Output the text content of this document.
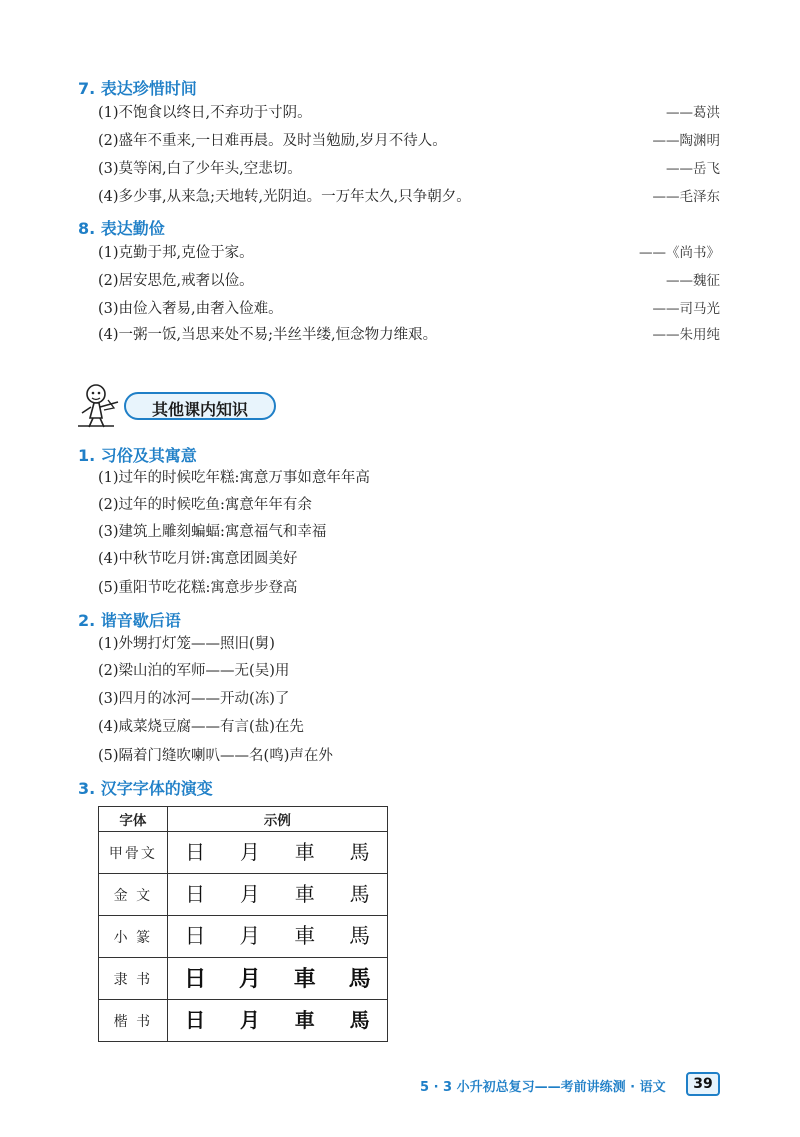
7. 表达珍惜时间
(1)不饱食以终日,不弃功于寸阴。	——葛洪
(2)盛年不重来,一日难再晨。及时当勉励,岁月不待人。	——陶渊明
(3)莫等闲,白了少年头,空悲切。	——岳飞
(4)多少事,从来急;天地转,光阴迫。一万年太久,只争朝夕。	——毛泽东
8. 表达勤俭
(1)克勤于邦,克俭于家。	——《尚书》
(2)居安思危,戒奢以俭。	——魏征
(3)由俭入奢易,由奢入俭难。	——司马光
(4)一粥一饭,当思来处不易;半丝半缕,恒念物力维艰。	——朱用纯
其他课内知识
1. 习俗及其寓意
(1)过年的时候吃年糕:寓意万事如意年年高
(2)过年的时候吃鱼:寓意年年有余
(3)建筑上雕刻蝙蝠:寓意福气和幸福
(4)中秋节吃月饼:寓意团圆美好
(5)重阳节吃花糕:寓意步步登高
2. 谐音歇后语
(1)外甥打灯笼——照旧(舅)
(2)梁山泊的军师——无(吴)用
(3)四月的冰河——开动(冻)了
(4)咸菜烧豆腐——有言(盐)在先
(5)隔着门缝吹喇叭——名(鸣)声在外
3. 汉字字体的演变
字体	示例			
甲骨文	日	月	車	馬
金 文	日	月	車	馬
小 篆	日	月	車	馬
隶 书	日	月	車	馬
楷 书	日	月	車	馬
5 · 3 小升初总复习——考前讲练测 · 语文	39
